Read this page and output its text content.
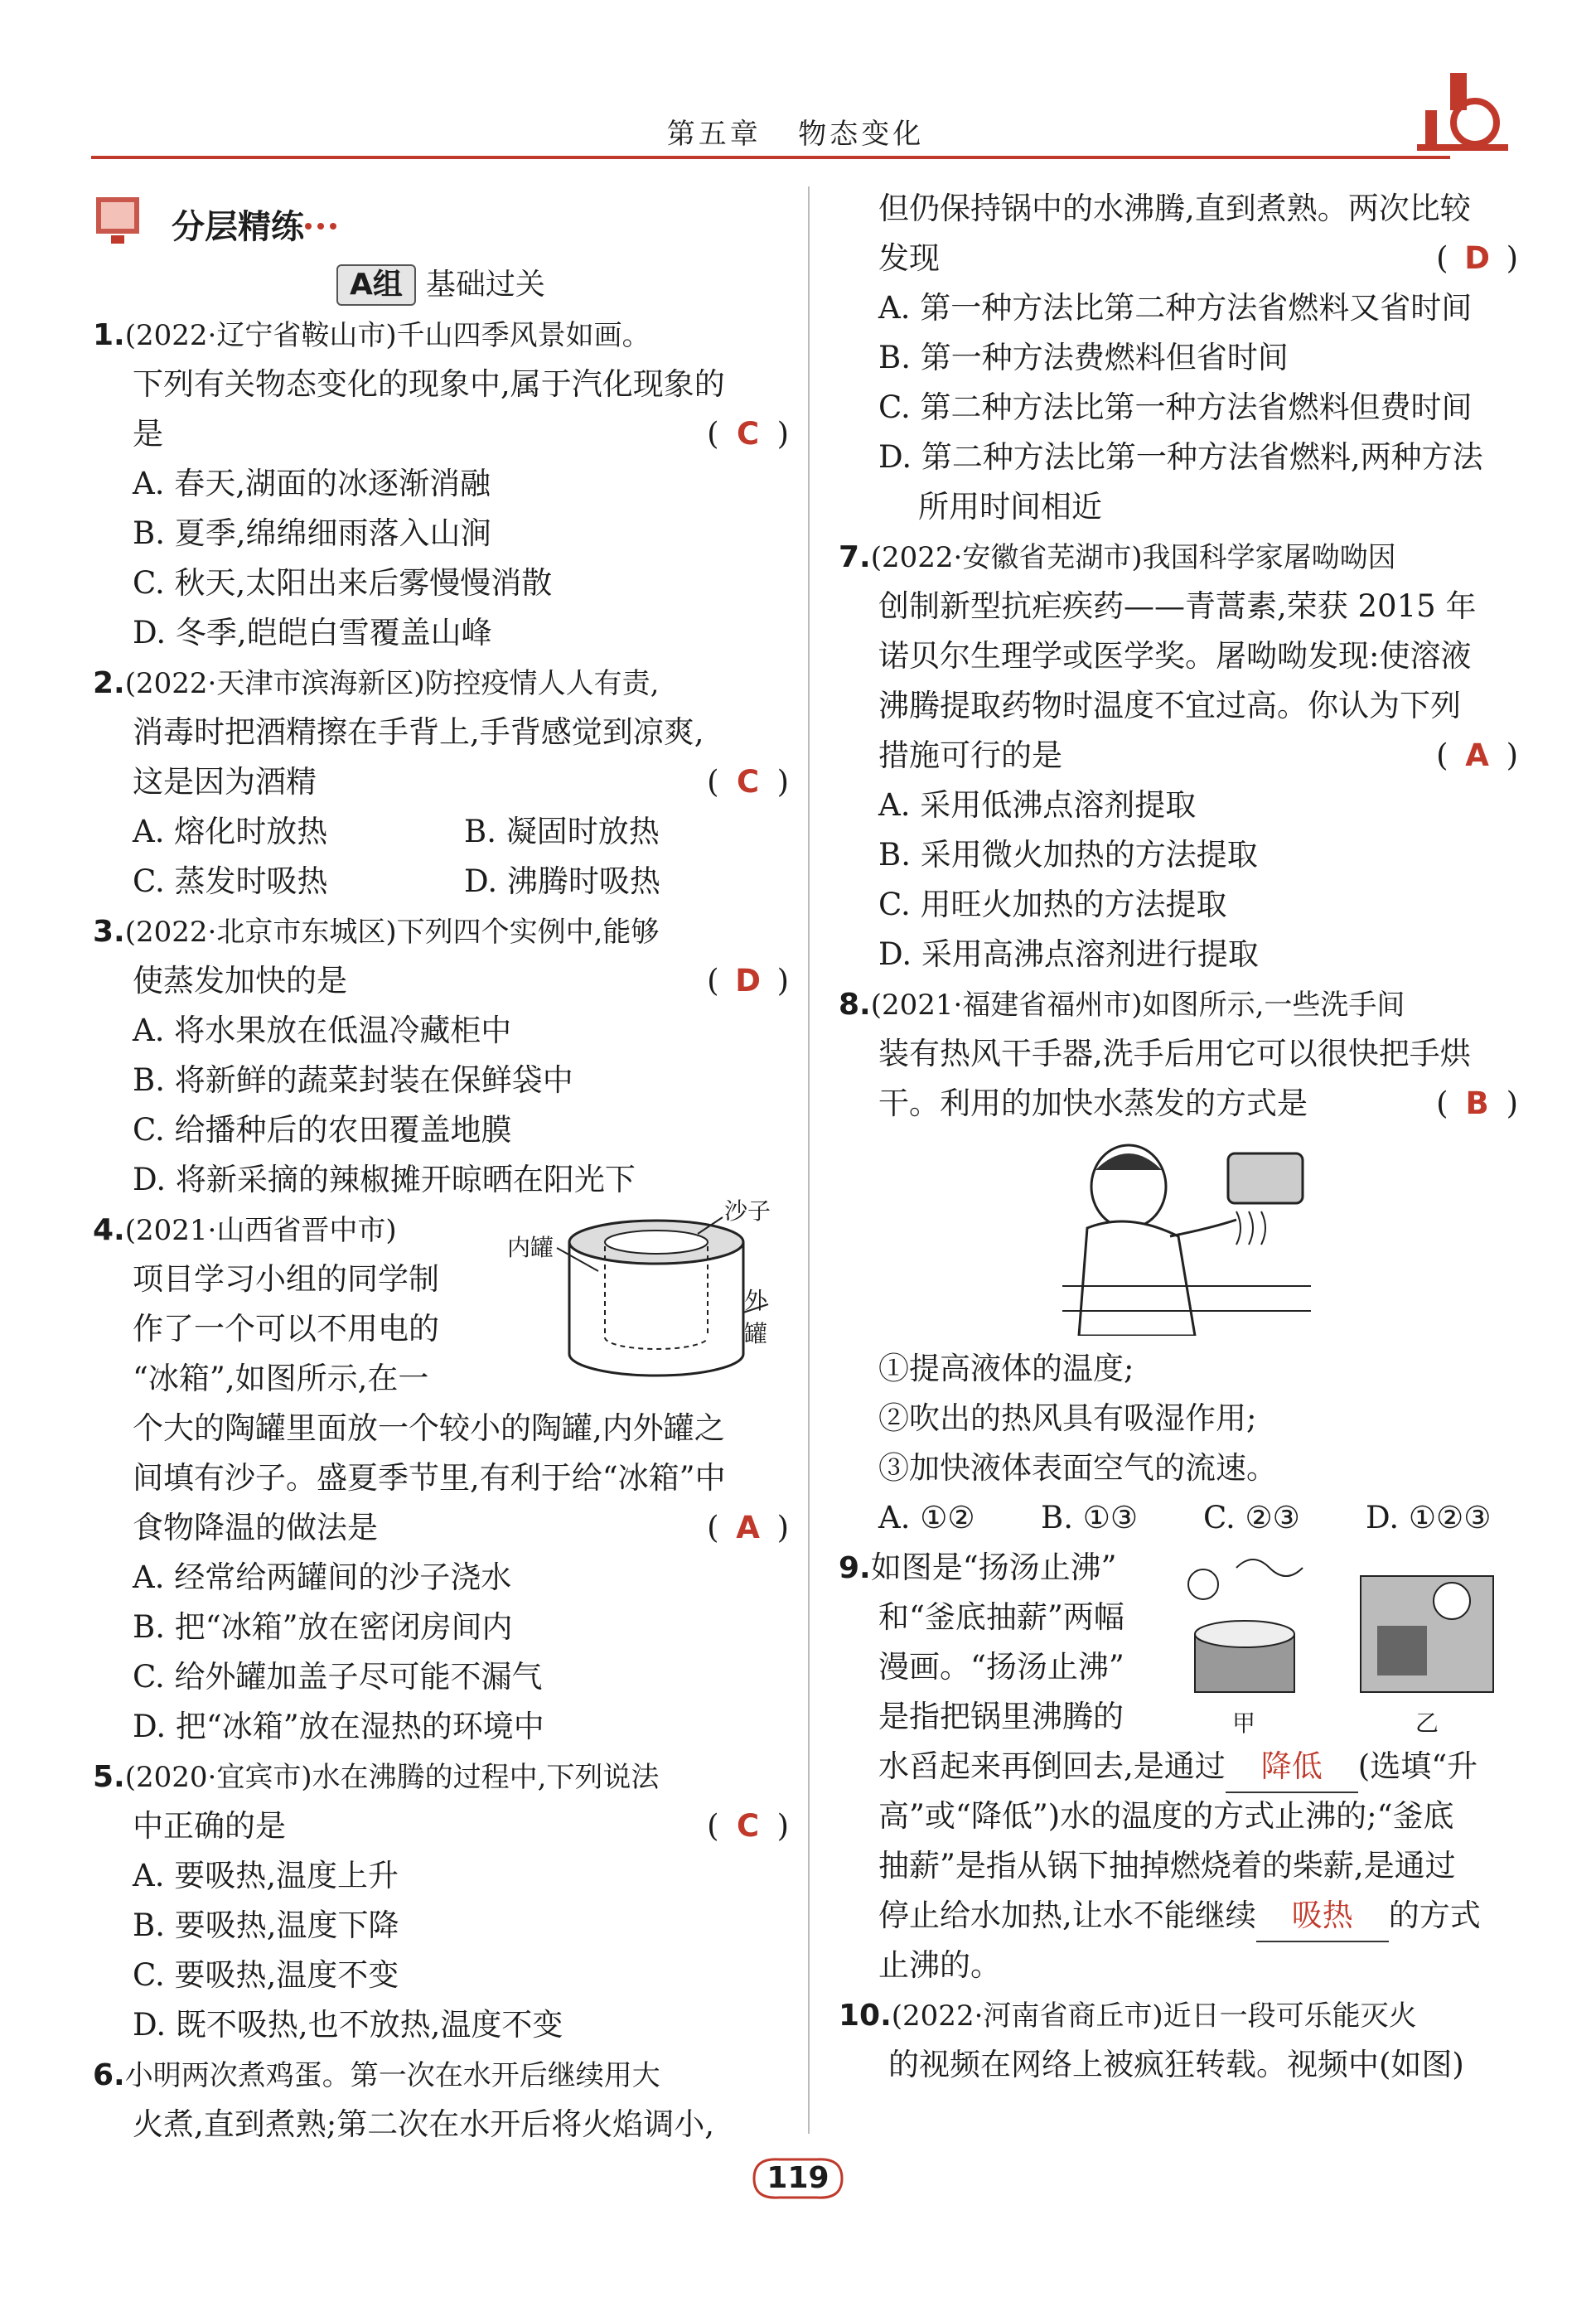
第五章 物态变化
分层精练
A组 基础过关
1.(2022·辽宁省鞍山市)千山四季风景如画。
下列有关物态变化的现象中,属于汽化现象的
是	( C )
A. 春天,湖面的冰逐渐消融
B. 夏季,绵绵细雨落入山涧
C. 秋天,太阳出来后雾慢慢消散
D. 冬季,皑皑白雪覆盖山峰
2.(2022·天津市滨海新区)防控疫情人人有责,
消毒时把酒精擦在手背上,手背感觉到凉爽,
这是因为酒精	( C )
A. 熔化时放热	B. 凝固时放热
C. 蒸发时吸热	D. 沸腾时吸热
3.(2022·北京市东城区)下列四个实例中,能够
使蒸发加快的是	( D )
A. 将水果放在低温冷藏柜中
B. 将新鲜的蔬菜封装在保鲜袋中
C. 给播种后的农田覆盖地膜
D. 将新采摘的辣椒摊开晾晒在阳光下
4.(2021·山西省晋中市)
项目学习小组的同学制
作了一个可以不用电的
“冰箱”,如图所示,在一
沙子
内罐
外罐
个大的陶罐里面放一个较小的陶罐,内外罐之
间填有沙子。盛夏季节里,有利于给“冰箱”中
食物降温的做法是	( A )
A. 经常给两罐间的沙子浇水
B. 把“冰箱”放在密闭房间内
C. 给外罐加盖子尽可能不漏气
D. 把“冰箱”放在湿热的环境中
5.(2020·宜宾市)水在沸腾的过程中,下列说法
中正确的是	( C )
A. 要吸热,温度上升
B. 要吸热,温度下降
C. 要吸热,温度不变
D. 既不吸热,也不放热,温度不变
6.小明两次煮鸡蛋。第一次在水开后继续用大
火煮,直到煮熟;第二次在水开后将火焰调小,
但仍保持锅中的水沸腾,直到煮熟。两次比较
发现	( D )
A. 第一种方法比第二种方法省燃料又省时间
B. 第一种方法费燃料但省时间
C. 第二种方法比第一种方法省燃料但费时间
D. 第二种方法比第一种方法省燃料,两种方法
所用时间相近
7.(2022·安徽省芜湖市)我国科学家屠呦呦因
创制新型抗疟疾药——青蒿素,荣获 2015 年
诺贝尔生理学或医学奖。屠呦呦发现:使溶液
沸腾提取药物时温度不宜过高。你认为下列
措施可行的是	( A )
A. 采用低沸点溶剂提取
B. 采用微火加热的方法提取
C. 用旺火加热的方法提取
D. 采用高沸点溶剂进行提取
8.(2021·福建省福州市)如图所示,一些洗手间
装有热风干手器,洗手后用它可以很快把手烘
干。利用的加快水蒸发的方式是	( B )
①提高液体的温度;
②吹出的热风具有吸湿作用;
③加快液体表面空气的流速。
A. ①② B. ①③ C. ②③ D. ①②③
9.如图是“扬汤止沸”
和“釜底抽薪”两幅
漫画。“扬汤止沸”
是指把锅里沸腾的	甲	乙
水舀起来再倒回去,是通过 降低 (选填“升
高”或“降低”)水的温度的方式止沸的;“釜底
抽薪”是指从锅下抽掉燃烧着的柴薪,是通过
停止给水加热,让水不能继续 吸热 的方式
止沸的。
10.(2022·河南省商丘市)近日一段可乐能灭火
的视频在网络上被疯狂转载。视频中(如图)
119
